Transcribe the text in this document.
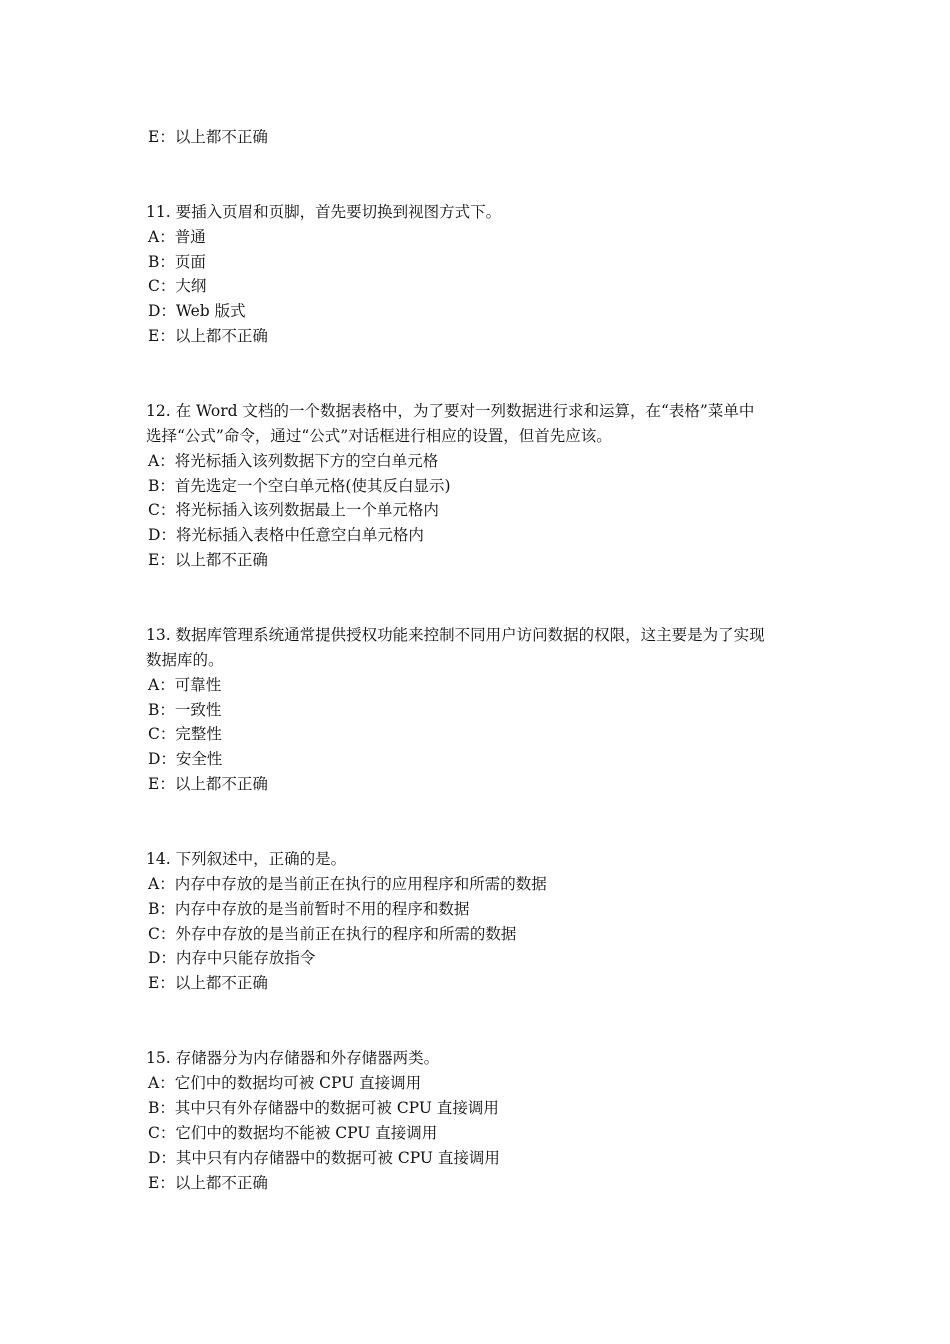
E：以上都不正确
11. 要插入页眉和页脚，首先要切换到视图方式下。
A：普通
B：页面
C：大纲
D：Web 版式
E：以上都不正确
12. 在 Word 文档的一个数据表格中，为了要对一列数据进行求和运算，在“表格”菜单中
选择“公式”命令，通过“公式”对话框进行相应的设置，但首先应该。
A：将光标插入该列数据下方的空白单元格
B：首先选定一个空白单元格(使其反白显示)
C：将光标插入该列数据最上一个单元格内
D：将光标插入表格中任意空白单元格内
E：以上都不正确
13. 数据库管理系统通常提供授权功能来控制不同用户访问数据的权限，这主要是为了实现
数据库的。
A：可靠性
B：一致性
C：完整性
D：安全性
E：以上都不正确
14. 下列叙述中，正确的是。
A：内存中存放的是当前正在执行的应用程序和所需的数据
B：内存中存放的是当前暂时不用的程序和数据
C：外存中存放的是当前正在执行的程序和所需的数据
D：内存中只能存放指令
E：以上都不正确
15. 存储器分为内存储器和外存储器两类。
A：它们中的数据均可被 CPU 直接调用
B：其中只有外存储器中的数据可被 CPU 直接调用
C：它们中的数据均不能被 CPU 直接调用
D：其中只有内存储器中的数据可被 CPU 直接调用
E：以上都不正确
